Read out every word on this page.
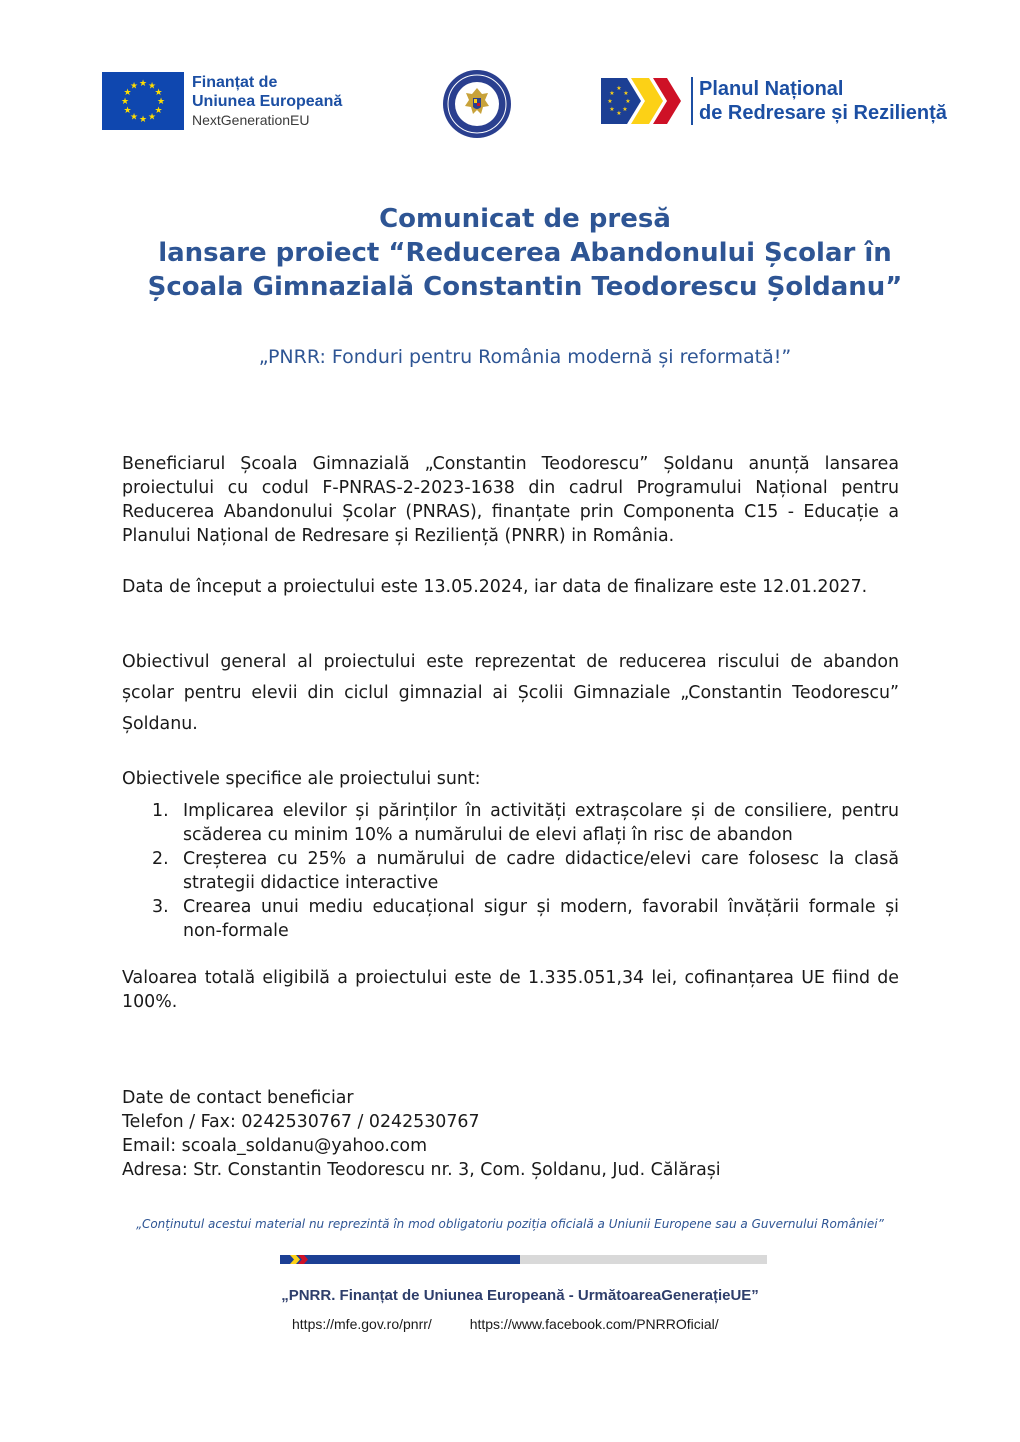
★ ★
★
★
★
★
★
★
★
★
★
★	Finanțat de
Uniunea Europeană
NextGenerationEU
★
★
★
★
★
★
★
★	Planul Național
de Redresare și Reziliență
Comunicat de presă
lansare proiect “Reducerea Abandonului Școlar în
Școala Gimnazială Constantin Teodorescu Șoldanu”
„PNRR: Fonduri pentru România modernă și reformată!”
Beneficiarul Școala Gimnazială „Constantin Teodorescu” Șoldanu anunță lansarea proiectului cu codul F-PNRAS-2-2023-1638 din cadrul Programului Național pentru Reducerea Abandonului Școlar (PNRAS), finanțate prin Componenta C15 - Educație a Planului Național de Redresare și Reziliență (PNRR) in România.
Data de început a proiectului este 13.05.2024, iar data de finalizare este 12.01.2027.
Obiectivul general al proiectului este reprezentat de reducerea riscului de abandon școlar pentru elevii din ciclul gimnazial ai Școlii Gimnaziale „Constantin Teodorescu” Șoldanu.
Obiectivele specifice ale proiectului sunt:
1. Implicarea elevilor și părinților în activități extrașcolare și de consiliere, pentru scăderea cu minim 10% a numărului de elevi aflați în risc de abandon
2. Creșterea cu 25% a numărului de cadre didactice/elevi care folosesc la clasă strategii didactice interactive
3. Crearea unui mediu educațional sigur și modern, favorabil învățării formale și non-formale
Valoarea totală eligibilă a proiectului este de 1.335.051,34 lei, cofinanțarea UE fiind de 100%.
Date de contact beneficiar
Telefon / Fax: 0242530767 / 0242530767
Email: scoala_soldanu@yahoo.com
Adresa: Str. Constantin Teodorescu nr. 3, Com. Șoldanu, Jud. Călărași
„Conținutul acestui material nu reprezintă în mod obligatoriu poziția oficială a Uniunii Europene sau a Guvernului României”
„PNRR. Finanțat de Uniunea Europeană - UrmătoareaGenerațieUE”
https://mfe.gov.ro/pnrr/	https://www.facebook.com/PNRROficial/
